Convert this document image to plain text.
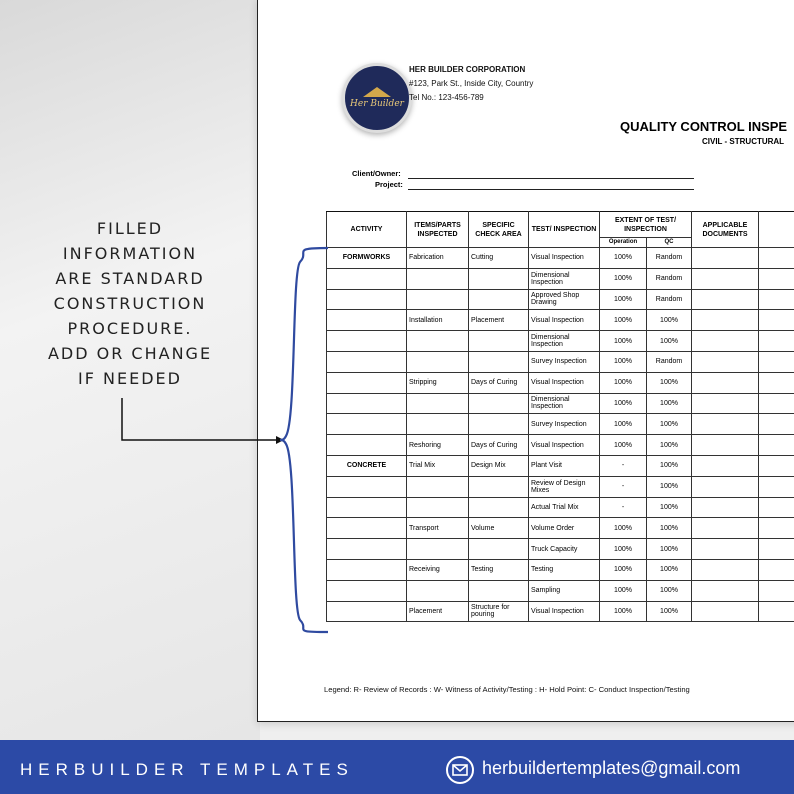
Her Builder
HER BUILDER CORPORATION
#123, Park St., Inside City, Country
Tel No.: 123-456-789
QUALITY CONTROL INSPE
CIVIL - STRUCTURAL
Client/Owner:
Project:
ACTIVITY	ITEMS/PARTS INSPECTED	SPECIFIC CHECK AREA	TEST/ INSPECTION	EXTENT OF TEST/ INSPECTION		APPLICABLE DOCUMENTS	
				Operation	QC		
FORMWORKS	Fabrication	Cutting	Visual Inspection	100%	Random		
			Dimensional Inspection	100%	Random		
			Approved Shop Drawing	100%	Random		
	Installation	Placement	Visual Inspection	100%	100%		
			Dimensional Inspection	100%	100%		
			Survey Inspection	100%	Random		
	Stripping	Days of Curing	Visual Inspection	100%	100%		
			Dimensional Inspection	100%	100%		
			Survey Inspection	100%	100%		
	Reshoring	Days of Curing	Visual Inspection	100%	100%		
CONCRETE	Trial Mix	Design Mix	Plant Visit	-	100%		
			Review of Design Mixes	-	100%		
			Actual Trial Mix	-	100%		
	Transport	Volume	Volume Order	100%	100%		
			Truck Capacity	100%	100%		
	Receiving	Testing	Testing	100%	100%		
			Sampling	100%	100%		
	Placement	Structure for pouring	Visual Inspection	100%	100%		
Legend: R- Review of Records : W- Witness of Activity/Testing : H- Hold Point: C- Conduct Inspection/Testing
FILLED
INFORMATION
ARE STANDARD
CONSTRUCTION
PROCEDURE.
ADD OR CHANGE
IF NEEDED
HERBUILDER TEMPLATES	herbuildertemplates@gmail.com
